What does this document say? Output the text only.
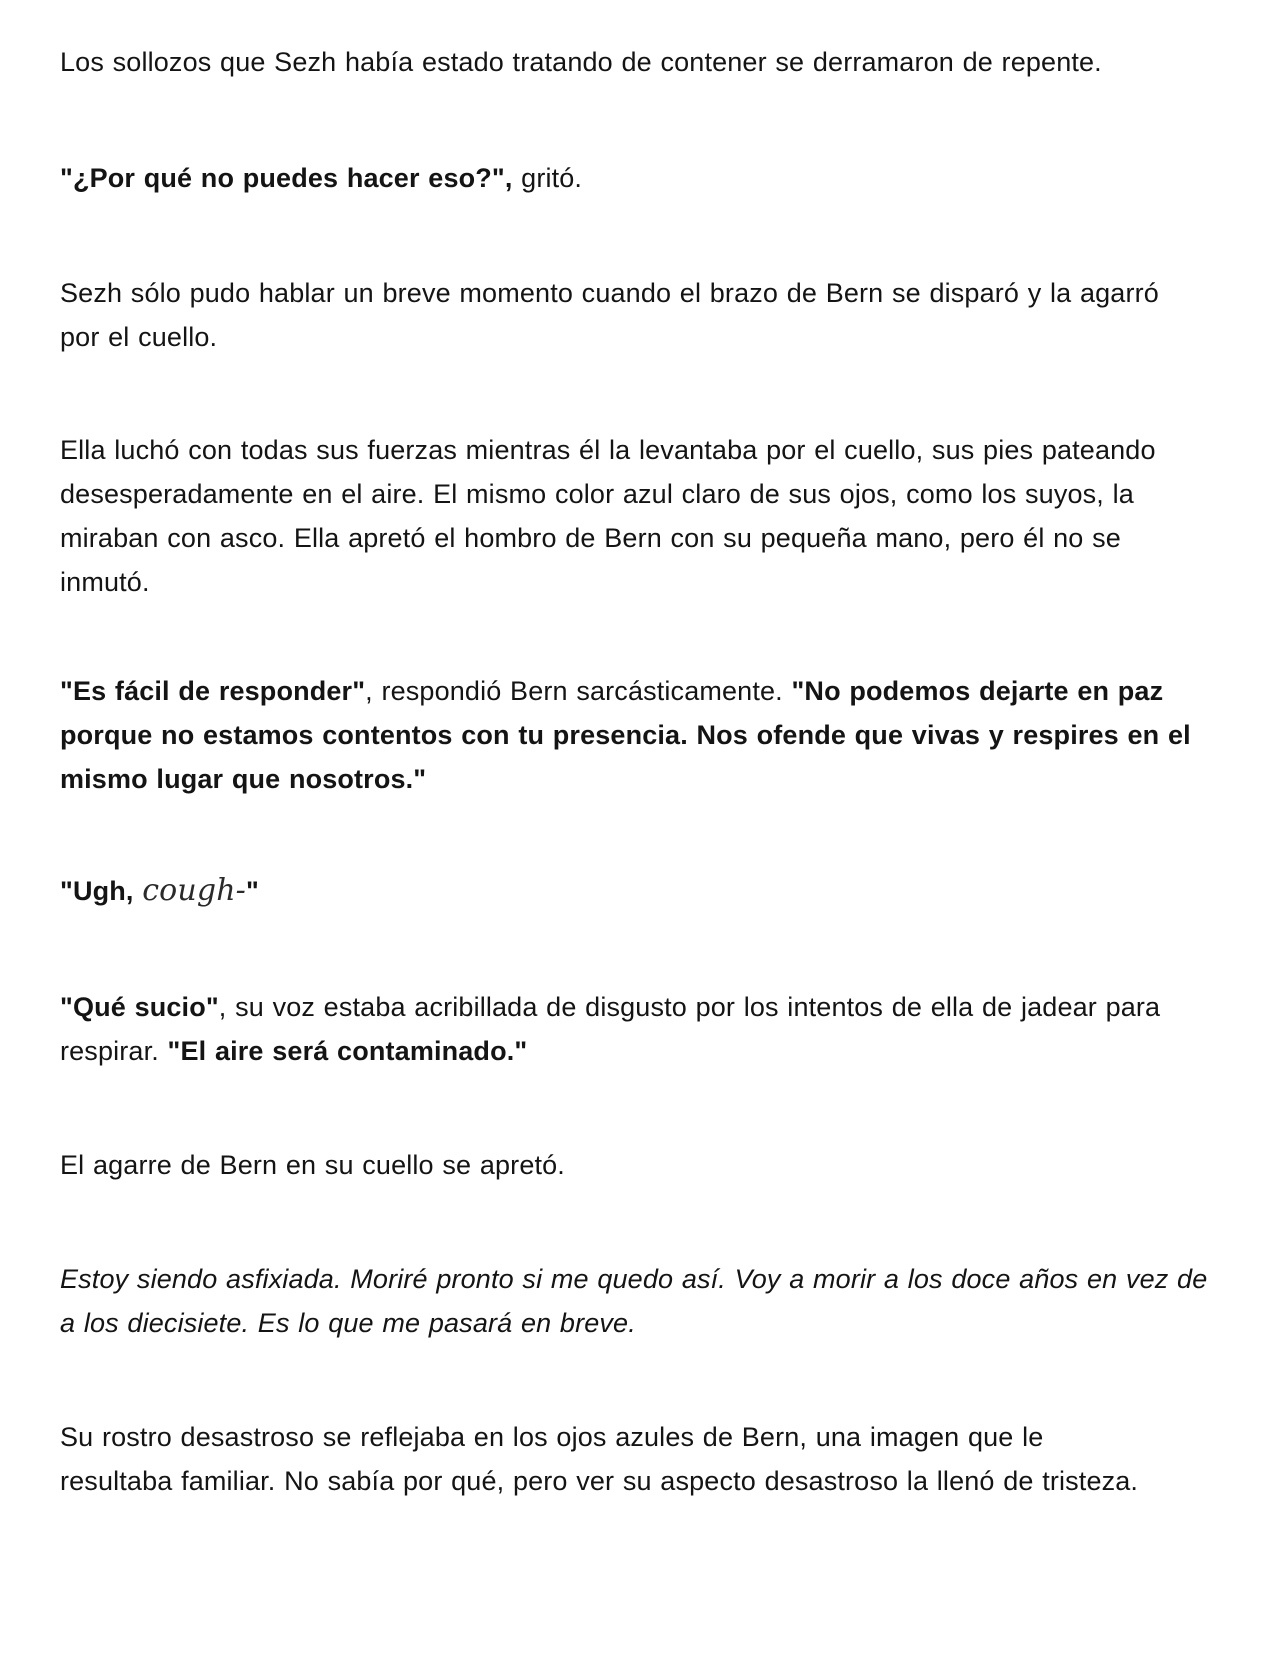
Los sollozos que Sezh había estado tratando de contener se derramaron de repente.

"¿Por qué no puedes hacer eso?", gritó.

Sezh sólo pudo hablar un breve momento cuando el brazo de Bern se disparó y la agarró por el cuello.

Ella luchó con todas sus fuerzas mientras él la levantaba por el cuello, sus pies pateando desesperadamente en el aire. El mismo color azul claro de sus ojos, como los suyos, la miraban con asco. Ella apretó el hombro de Bern con su pequeña mano, pero él no se inmutó.

"Es fácil de responder", respondió Bern sarcásticamente. "No podemos dejarte en paz porque no estamos contentos con tu presencia. Nos ofende que vivas y respires en el mismo lugar que nosotros."

"Ugh, cough-"

"Qué sucio", su voz estaba acribillada de disgusto por los intentos de ella de jadear para respirar. "El aire será contaminado."

El agarre de Bern en su cuello se apretó.

Estoy siendo asfixiada. Moriré pronto si me quedo así. Voy a morir a los doce años en vez de a los diecisiete. Es lo que me pasará en breve.

Su rostro desastroso se reflejaba en los ojos azules de Bern, una imagen que le resultaba familiar. No sabía por qué, pero ver su aspecto desastroso la llenó de tristeza.
